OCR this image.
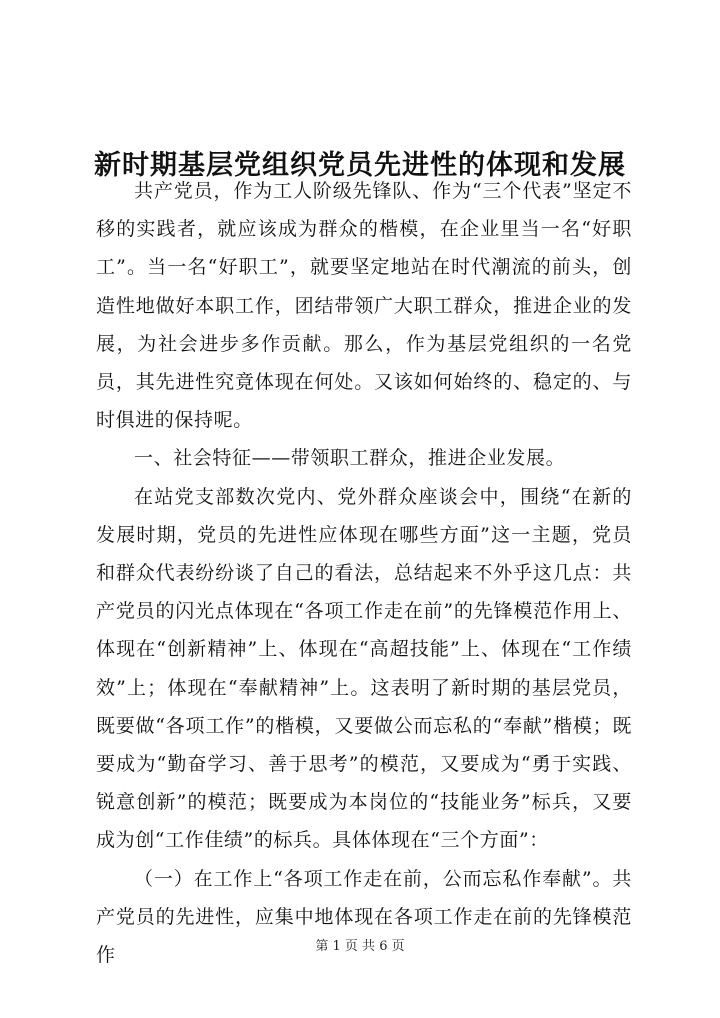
新时期基层党组织党员先进性的体现和发展

共产党员，作为工人阶级先锋队、作为“三个代表”坚定不移的实践者，就应该成为群众的楷模，在企业里当一名“好职工”。当一名“好职工”，就要坚定地站在时代潮流的前头，创造性地做好本职工作，团结带领广大职工群众，推进企业的发展，为社会进步多作贡献。那么，作为基层党组织的一名党员，其先进性究竟体现在何处。又该如何始终的、稳定的、与时俱进的保持呢。

一、社会特征——带领职工群众，推进企业发展。

在站党支部数次党内、党外群众座谈会中，围绕“在新的发展时期，党员的先进性应体现在哪些方面”这一主题，党员和群众代表纷纷谈了自己的看法，总结起来不外乎这几点：共产党员的闪光点体现在“各项工作走在前”的先锋模范作用上、体现在“创新精神”上、体现在“高超技能”上、体现在“工作绩效”上；体现在“奉献精神”上。这表明了新时期的基层党员，既要做“各项工作”的楷模，又要做公而忘私的“奉献”楷模；既要成为“勤奋学习、善于思考”的模范，又要成为“勇于实践、锐意创新”的模范；既要成为本岗位的“技能业务”标兵，又要成为创“工作佳绩”的标兵。具体体现在“三个方面”：

（一）在工作上“各项工作走在前，公而忘私作奉献”。共产党员的先进性，应集中地体现在各项工作走在前的先锋模范作	第 1 页 共 6 页
